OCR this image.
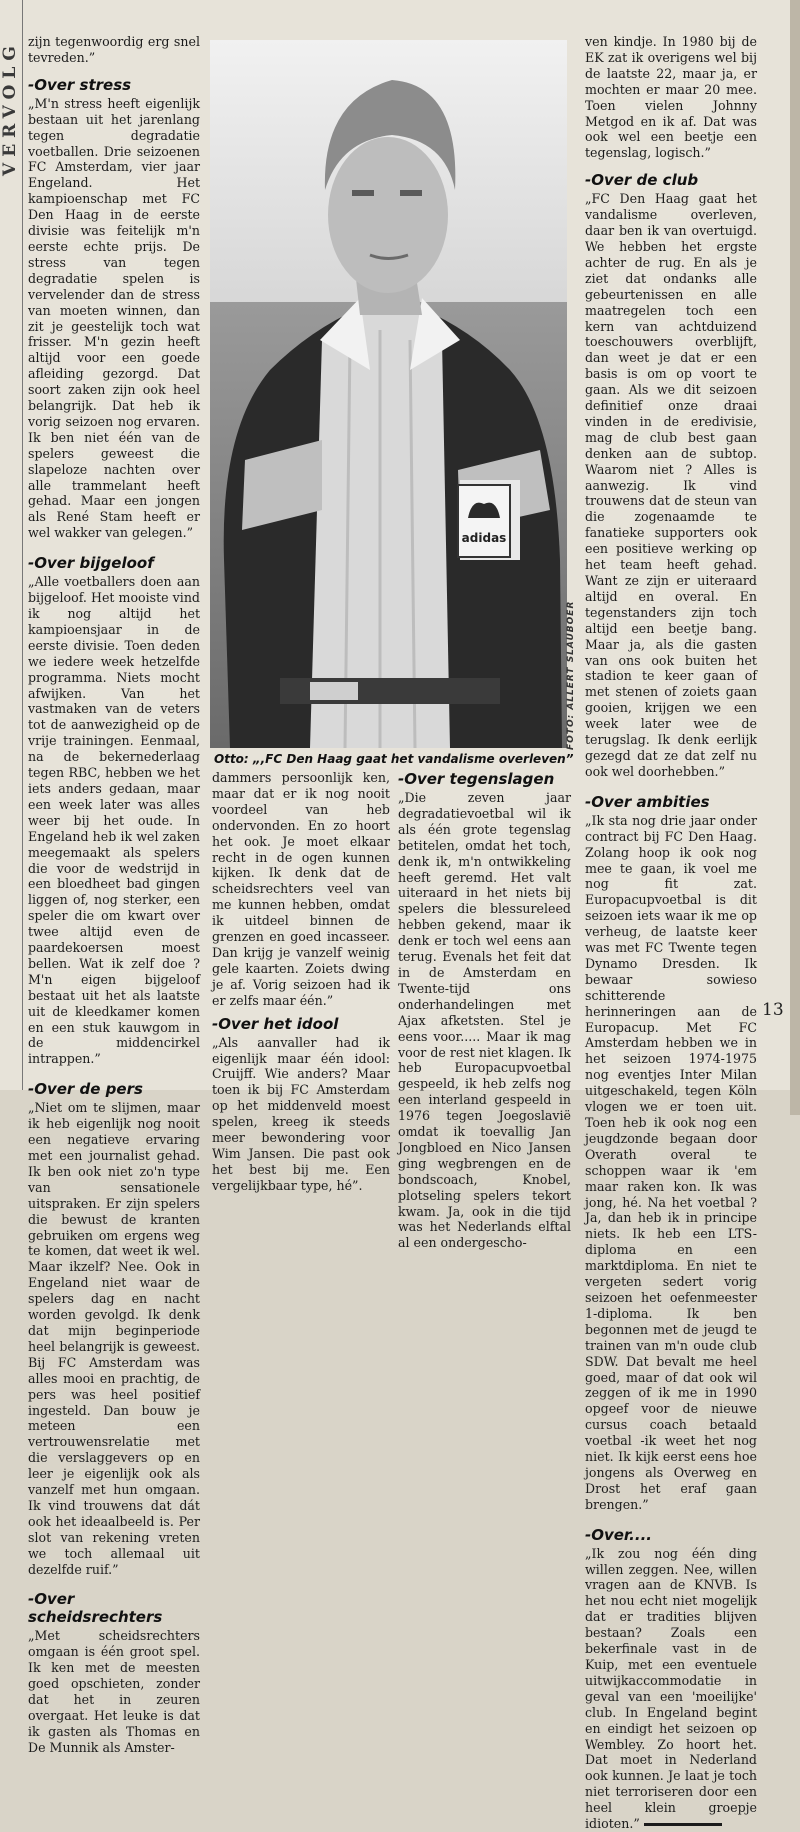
VERVOLG zijn tegenwoordig erg snel tevreden.”

-Over stress

„M'n stress heeft eigenlijk bestaan uit het jarenlang tegen degradatie voetballen. Drie seizoenen FC Amsterdam, vier jaar Engeland. Het kampioenschap met FC Den Haag in de eerste divisie was feitelijk m'n eerste echte prijs. De stress van tegen degradatie spelen is vervelender dan de stress van moeten winnen, dan zit je geestelijk toch wat frisser. M'n gezin heeft altijd voor een goede afleiding gezorgd. Dat soort zaken zijn ook heel belangrijk. Dat heb ik vorig seizoen nog ervaren. Ik ben niet één van de spelers geweest die slapeloze nachten over alle trammelant heeft gehad. Maar een jongen als René Stam heeft er wel wakker van gelegen.”

-Over bijgeloof

„Alle voetballers doen aan bijgeloof. Het mooiste vind ik nog altijd het kampioensjaar in de eerste divisie. Toen deden we iedere week hetzelfde programma. Niets mocht afwijken. Van het vastmaken van de veters tot de aanwezigheid op de vrije trainingen. Eenmaal, na de bekernederlaag tegen RBC, hebben we het iets anders gedaan, maar een week later was alles weer bij het oude. In Engeland heb ik wel zaken meegemaakt als spelers die voor de wedstrijd in een bloedheet bad gingen liggen of, nog sterker, een speler die om kwart over twee altijd even de paardekoersen moest bellen. Wat ik zelf doe ? M'n eigen bijgeloof bestaat uit het als laatste uit de kleedkamer komen en een stuk kauwgom in de middencirkel intrappen.”

-Over de pers

„Niet om te slijmen, maar ik heb eigenlijk nog nooit een negatieve ervaring met een journalist gehad. Ik ben ook niet zo'n type van sensationele uitspraken. Er zijn spelers die bewust de kranten gebruiken om ergens weg te komen, dat weet ik wel. Maar ikzelf? Nee. Ook in Engeland niet waar de spelers dag en nacht worden gevolgd. Ik denk dat mijn beginperiode heel belangrijk is geweest. Bij FC Amsterdam was alles mooi en prachtig, de pers was heel positief ingesteld. Dan bouw je meteen een vertrouwensrelatie met die verslaggevers op en leer je eigenlijk ook als vanzelf met hun omgaan. Ik vind trouwens dat dát ook het ideaalbeeld is. Per slot van rekening vreten we toch allemaal uit dezelfde ruif.”

-Over scheidsrechters

„Met scheidsrechters omgaan is één groot spel. Ik ken met de meesten goed opschieten, zonder dat het in zeuren overgaat. Het leuke is dat ik gasten als Thomas en De Munnik als Amster-

adidas
FOTO: ALLERT SLAUBOER
Otto: „,FC Den Haag gaat het vandalisme overleven”

dammers persoonlijk ken, maar dat er ik nog nooit voordeel van heb ondervonden. En zo hoort het ook. Je moet elkaar recht in de ogen kunnen kijken. Ik denk dat de scheidsrechters veel van me kunnen hebben, omdat ik uitdeel binnen de grenzen en goed incasseer. Dan krijg je vanzelf weinig gele kaarten. Zoiets dwing je af. Vorig seizoen had ik er zelfs maar één.”

-Over het idool

„Als aanvaller had ik eigenlijk maar één idool: Cruijff. Wie anders? Maar toen ik bij FC Amsterdam op het middenveld moest spelen, kreeg ik steeds meer bewondering voor Wim Jansen. Die past ook het best bij me. Een vergelijkbaar type, hé”.

-Over tegenslagen

„Die zeven jaar degradatievoetbal wil ik als één grote tegenslag betitelen, omdat het toch, denk ik, m'n ontwikkeling heeft geremd. Het valt uiteraard in het niets bij spelers die blessureleed hebben gekend, maar ik denk er toch wel eens aan terug. Evenals het feit dat in de Amsterdam en Twente-tijd ons onderhandelingen met Ajax afketsten. Stel je eens voor..... Maar ik mag voor de rest niet klagen. Ik heb Europacupvoetbal gespeeld, ik heb zelfs nog een interland gespeeld in 1976 tegen Joegoslavië omdat ik toevallig Jan Jongbloed en Nico Jansen ging wegbrengen en de bondscoach, Knobel, plotseling spelers tekort kwam. Ja, ook in die tijd was het Nederlands elftal al een ondergescho-

ven kindje. In 1980 bij de EK zat ik overigens wel bij de laatste 22, maar ja, er mochten er maar 20 mee. Toen vielen Johnny Metgod en ik af. Dat was ook wel een beetje een tegenslag, logisch.”

-Over de club

„FC Den Haag gaat het vandalisme overleven, daar ben ik van overtuigd. We hebben het ergste achter de rug. En als je ziet dat ondanks alle gebeurtenissen en alle maatregelen toch een kern van achtduizend toeschouwers overblijft, dan weet je dat er een basis is om op voort te gaan. Als we dit seizoen definitief onze draai vinden in de eredivisie, mag de club best gaan denken aan de subtop. Waarom niet ? Alles is aanwezig. Ik vind trouwens dat de steun van die zogenaamde te fanatieke supporters ook een positieve werking op het team heeft gehad. Want ze zijn er uiteraard altijd en overal. En tegenstanders zijn toch altijd een beetje bang. Maar ja, als die gasten van ons ook buiten het stadion te keer gaan of met stenen of zoiets gaan gooien, krijgen we een week later wee de terugslag. Ik denk eerlijk gezegd dat ze dat zelf nu ook wel doorhebben.”

-Over ambities

„Ik sta nog drie jaar onder contract bij FC Den Haag. Zolang hoop ik ook nog mee te gaan, ik voel me nog fit zat. Europacupvoetbal is dit seizoen iets waar ik me op verheug, de laatste keer was met FC Twente tegen Dynamo Dresden. Ik bewaar sowieso schitterende herinneringen aan de Europacup. Met FC Amsterdam hebben we in het seizoen 1974-1975 nog eventjes Inter Milan uitgeschakeld, tegen Köln vlogen we er toen uit. Toen heb ik ook nog een jeugdzonde begaan door Overath overal te schoppen waar ik 'em maar raken kon. Ik was jong, hé. Na het voetbal ? Ja, dan heb ik in principe niets. Ik heb een LTS-diploma en een marktdiploma. En niet te vergeten sedert vorig seizoen het oefenmeester 1-diploma. Ik ben begonnen met de jeugd te trainen van m'n oude club SDW. Dat bevalt me heel goed, maar of dat ook wil zeggen of ik me in 1990 opgeef voor de nieuwe cursus coach betaald voetbal -ik weet het nog niet. Ik kijk eerst eens hoe jongens als Overweg en Drost het eraf gaan brengen.”

-Over....

„Ik zou nog één ding willen zeggen. Nee, willen vragen aan de KNVB. Is het nou echt niet mogelijk dat er tradities blijven bestaan? Zoals een bekerfinale vast in de Kuip, met een eventuele uitwijkaccommodatie in geval van een 'moeilijke' club. In Engeland begint en eindigt het seizoen op Wembley. Zo hoort het. Dat moet in Nederland ook kunnen. Je laat je toch niet terroriseren door een heel klein groepje idioten.”

13
